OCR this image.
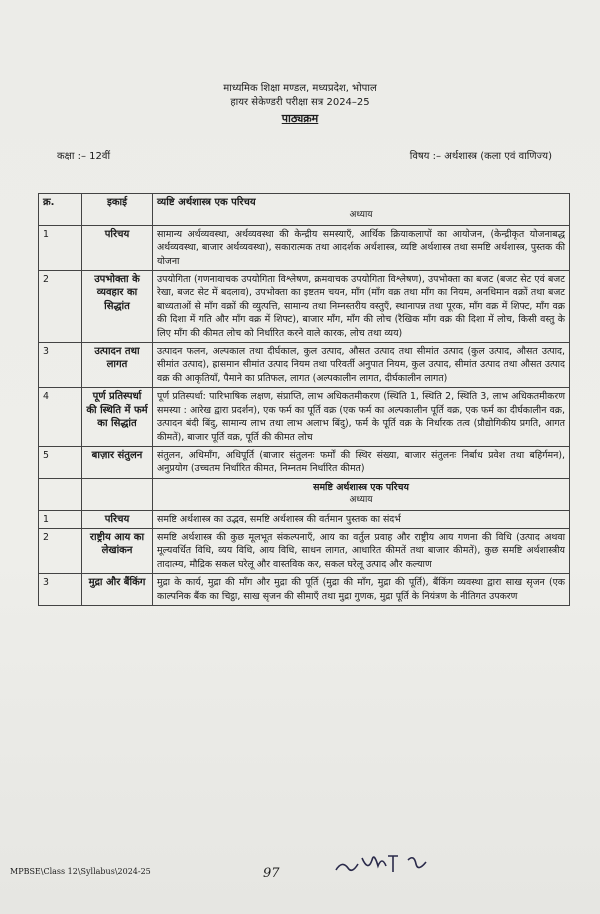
माध्यमिक शिक्षा मण्डल, मध्यप्रदेश, भोपाल
हायर सेकेण्डरी परीक्षा सत्र 2024–25
पाठ्यक्रम
कक्षा :– 12वीं	विषय :– अर्थशास्त्र (कला एवं वाणिज्य)
क्र.	इकाई	व्यष्टि अर्थशास्त्र एक परिचय
अध्याय

1	परिचय	सामान्य अर्थव्यवस्था, अर्थव्यवस्था की केन्द्रीय समस्याएँ, आर्थिक क्रियाकलापों का आयोजन, (केन्द्रीकृत योजनाबद्ध अर्थव्यवस्था, बाजार अर्थव्यवस्था), सकारात्मक तथा आदर्शक अर्थशास्त्र, व्यष्टि अर्थशास्त्र तथा समष्टि अर्थशास्त्र, पुस्तक की योजना
2	उपभोक्ता के व्यवहार का सिद्धांत	उपयोगिता (गणनावाचक उपयोगिता विश्लेषण, क्रमवाचक उपयोगिता विश्लेषण), उपभोक्ता का बजट (बजट सेट एवं बजट रेखा, बजट सेट में बदलाव), उपभोक्ता का इष्टतम चयन, माँग (माँग वक्र तथा माँग का नियम, अनधिमान वक्रों तथा बजट बाध्यताओं से माँग वक्रों की व्युत्पत्ति, सामान्य तथा निम्नस्तरीय वस्तुएँ, स्थानापन्न तथा पूरक, माँग वक्र में शिफ्ट, माँग वक्र की दिशा में गति और माँग वक्र में शिफ्ट), बाजार माँग, माँग की लोच (रैखिक माँग वक्र की दिशा में लोच, किसी वस्तु के लिए माँग की कीमत लोच को निर्धारित करने वाले कारक, लोच तथा व्यय)
3	उत्पादन तथा लागत	उत्पादन फलन, अल्पकाल तथा दीर्घकाल, कुल उत्पाद, औसत उत्पाद तथा सीमांत उत्पाद (कुल उत्पाद, औसत उत्पाद, सीमांत उत्पाद), ह्रासमान सीमांत उत्पाद नियम तथा परिवर्ती अनुपात नियम, कुल उत्पाद, सीमांत उत्पाद तथा औसत उत्पाद वक्र की आकृतियाँ, पैमाने का प्रतिफल, लागत (अल्पकालीन लागत, दीर्घकालीन लागत)
4	पूर्ण प्रतिस्पर्धा की स्थिति में फर्म का सिद्धांत	पूर्ण प्रतिस्पर्धा: पारिभाषिक लक्षण, संप्राप्ति, लाभ अधिकतमीकरण (स्थिति 1, स्थिति 2, स्थिति 3, लाभ अधिकतमीकरण समस्या : आरेख द्वारा प्रदर्शन), एक फर्म का पूर्ति वक्र (एक फर्म का अल्पकालीन पूर्ति वक्र, एक फर्म का दीर्घकालीन वक्र, उत्पादन बंदी बिंदु, सामान्य लाभ तथा लाभ अलाभ बिंदु), फर्म के पूर्ति वक्र के निर्धारक तत्व (प्रौद्योगिकीय प्रगति, आगत कीमतें), बाजार पूर्ति वक्र, पूर्ति की कीमत लोच
5	बाज़ार संतुलन	संतुलन, अधिमाँग, अधिपूर्ति (बाजार संतुलनः फर्मों की स्थिर संख्या, बाजार संतुलनः निर्बाध प्रवेश तथा बहिर्गमन), अनुप्रयोग (उच्चतम निर्धारित कीमत, निम्नतम निर्धारित कीमत)

		समष्टि अर्थशास्त्र एक परिचय
अध्याय

1	परिचय	समष्टि अर्थशास्त्र का उद्भव, समष्टि अर्थशास्त्र की वर्तमान पुस्तक का संदर्भ
2	राष्ट्रीय आय का लेखांकन	समष्टि अर्थशास्त्र की कुछ मूलभूत संकल्पनाएँ, आय का वर्तुल प्रवाह और राष्ट्रीय आय गणना की विधि (उत्पाद अथवा मूल्यवर्धित विधि, व्यय विधि, आय विधि, साधन लागत, आधारित कीमतें तथा बाजार कीमतें), कुछ समष्टि अर्थशास्त्रीय तादात्म्य, मौद्रिक सकल घरेलू और वास्तविक कर, सकल घरेलू उत्पाद और कल्याण
3	मुद्रा और बैंकिंग	मुद्रा के कार्य, मुद्रा की माँग और मुद्रा की पूर्ति (मुद्रा की माँग, मुद्रा की पूर्ति), बैंकिंग व्यवस्था द्वारा साख सृजन (एक काल्पनिक बैंक का चिट्ठा, साख सृजन की सीमाएँ तथा मुद्रा गुणक, मुद्रा पूर्ति के नियंत्रण के नीतिगत उपकरण
MPBSE\Class 12\Syllabus\2024-25	97
